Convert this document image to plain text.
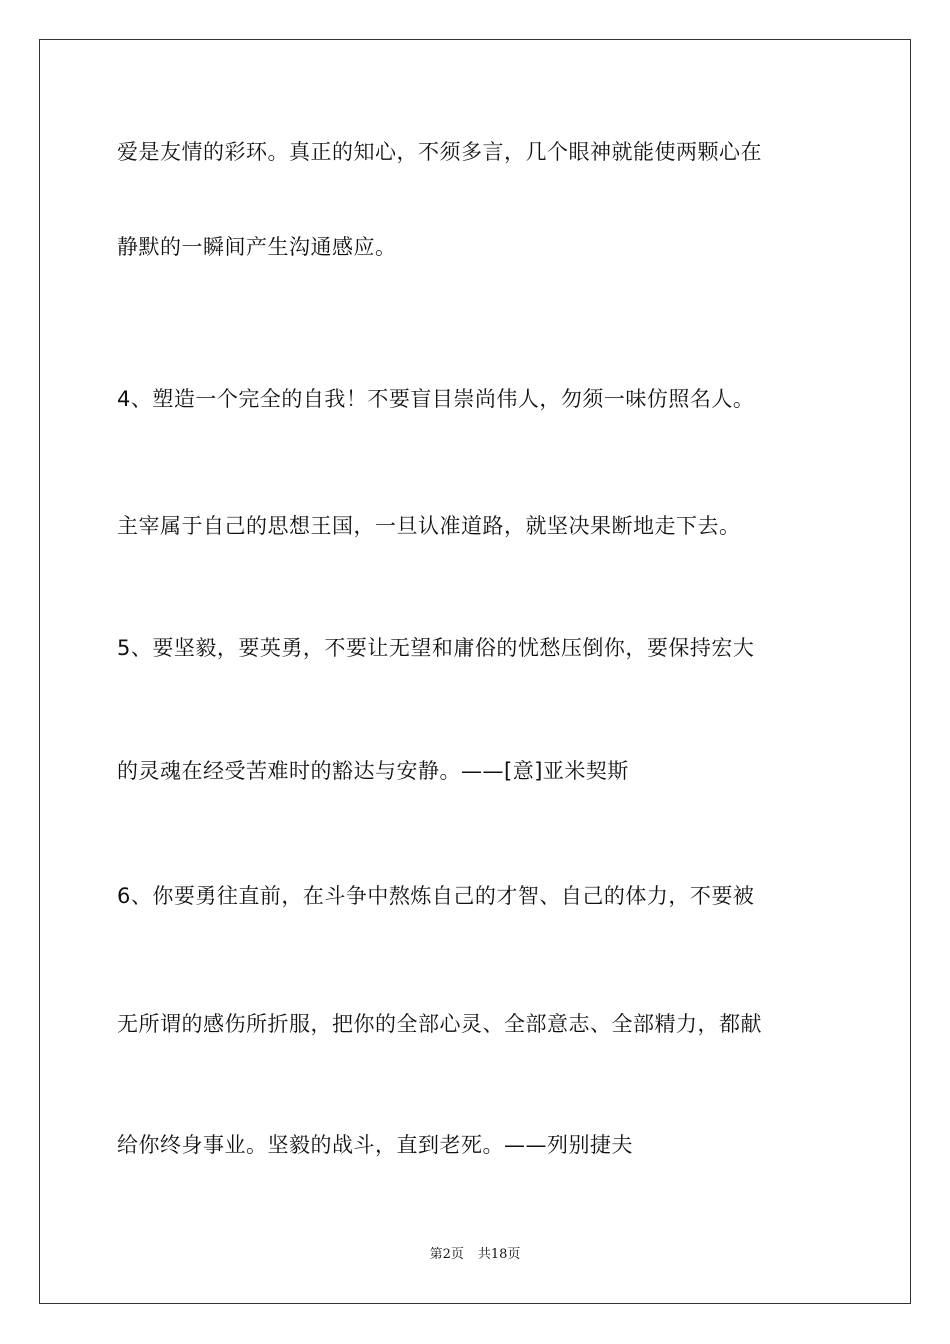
爱是友情的彩环。真正的知心，不须多言，几个眼神就能使两颗心在
静默的一瞬间产生沟通感应。
4、塑造一个完全的自我！不要盲目崇尚伟人，勿须一味仿照名人。
主宰属于自己的思想王国，一旦认准道路，就坚决果断地走下去。
5、要坚毅，要英勇，不要让无望和庸俗的忧愁压倒你，要保持宏大
的灵魂在经受苦难时的豁达与安静。——[意]亚米契斯
6、你要勇往直前，在斗争中熬炼自己的才智、自己的体力，不要被
无所谓的感伤所折服，把你的全部心灵、全部意志、全部精力，都献
给你终身事业。坚毅的战斗，直到老死。——列别捷夫
第2页 共18页
